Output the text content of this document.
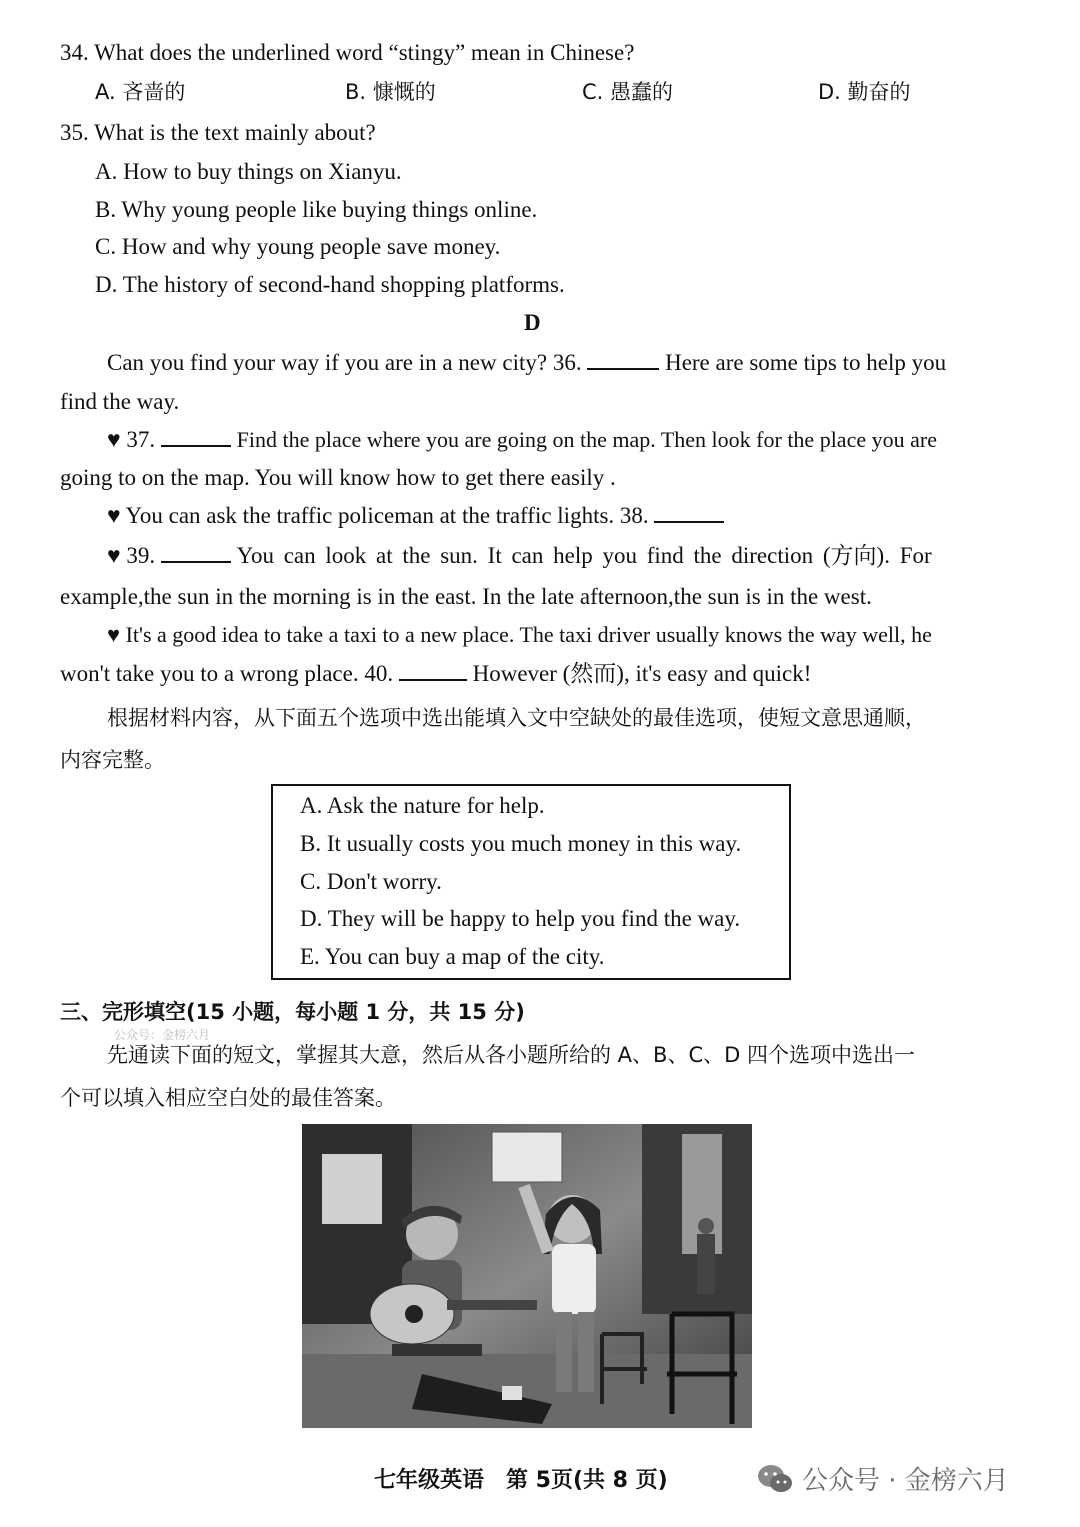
34. What does the underlined word “stingy” mean in Chinese?
A. 吝啬的	B. 慷慨的	C. 愚蠢的	D. 勤奋的
35. What is the text mainly about?
A. How to buy things on Xianyu.
B. Why young people like buying things online.
C. How and why young people save money.
D. The history of second-hand shopping platforms.
D
Can you find your way if you are in a new city? 36.	Here are some tips to help you
find the way.
♥ 37.	Find the place where you are going on the map. Then look for the place you are
going to on the map. You will know how to get there easily .
♥ You can ask the traffic policeman at the traffic lights. 38.
♥ 39.	You can look at the sun. It can help you find the direction (方向). For
example,the sun in the morning is in the east. In the late afternoon,the sun is in the west.
♥ It's a good idea to take a taxi to a new place. The taxi driver usually knows the way well, he
won't take you to a wrong place. 40.	However (然而), it's easy and quick!
根据材料内容，从下面五个选项中选出能填入文中空缺处的最佳选项，使短文意思通顺，
内容完整。
A. Ask the nature for help.
B. It usually costs you much money in this way.
C. Don't worry.
D. They will be happy to help you find the way.
E. You can buy a map of the city.
三、完形填空(15 小题，每小题 1 分，共 15 分)
公众号：金榜六月
先通读下面的短文，掌握其大意，然后从各小题所给的 A、B、C、D 四个选项中选出一
个可以填入相应空白处的最佳答案。
七年级英语　第 5页(共 8 页)	公众号 · 金榜六月
